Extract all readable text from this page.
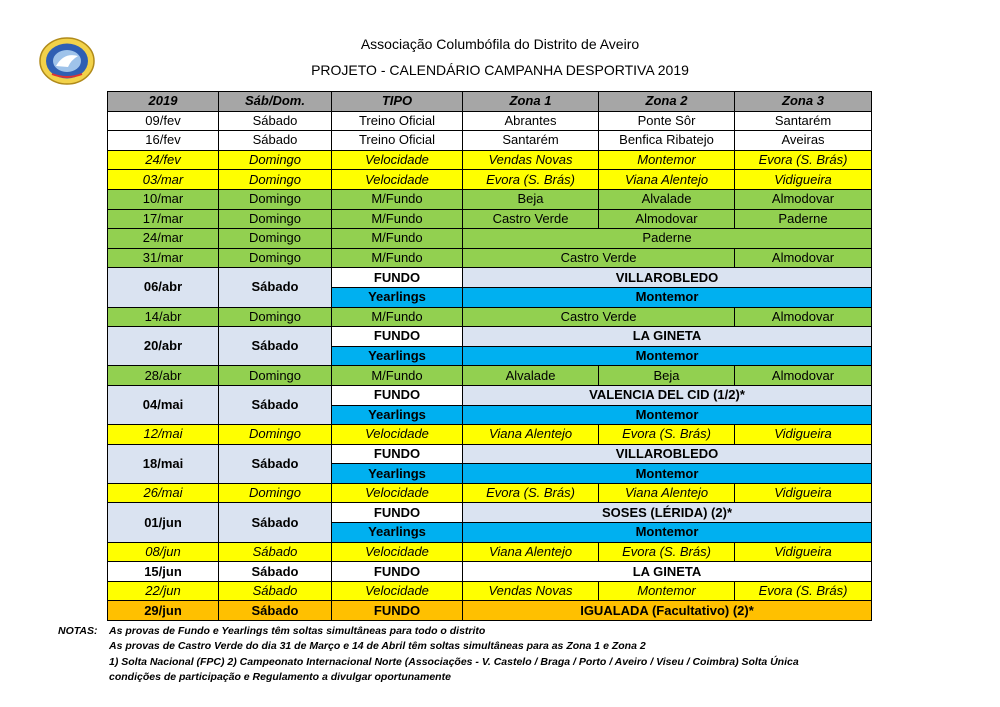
Associação Columbófila do Distrito de Aveiro
PROJETO - CALENDÁRIO CAMPANHA DESPORTIVA 2019
2019	Sáb/Dom.	TIPO	Zona 1	Zona 2	Zona 3
09/fev	Sábado	Treino Oficial	Abrantes	Ponte Sôr	Santarém
16/fev	Sábado	Treino Oficial	Santarém	Benfica Ribatejo	Aveiras
24/fev	Domingo	Velocidade	Vendas Novas	Montemor	Evora (S. Brás)
03/mar	Domingo	Velocidade	Evora (S. Brás)	Viana Alentejo	Vidigueira
10/mar	Domingo	M/Fundo	Beja	Alvalade	Almodovar
17/mar	Domingo	M/Fundo	Castro Verde	Almodovar	Paderne
24/mar	Domingo	M/Fundo	Paderne		
31/mar	Domingo	M/Fundo	Castro Verde		Almodovar
06/abr	Sábado	FUNDO	VILLAROBLEDO		
		Yearlings	Montemor		
14/abr	Domingo	M/Fundo	Castro Verde		Almodovar
20/abr	Sábado	FUNDO	LA GINETA		
		Yearlings	Montemor		
28/abr	Domingo	M/Fundo	Alvalade	Beja	Almodovar
04/mai	Sábado	FUNDO	VALENCIA DEL CID (1/2)*		
		Yearlings	Montemor		
12/mai	Domingo	Velocidade	Viana Alentejo	Evora (S. Brás)	Vidigueira
18/mai	Sábado	FUNDO	VILLAROBLEDO		
		Yearlings	Montemor		
26/mai	Domingo	Velocidade	Evora (S. Brás)	Viana Alentejo	Vidigueira
01/jun	Sábado	FUNDO	SOSES (LÉRIDA) (2)*		
		Yearlings	Montemor		
08/jun	Sábado	Velocidade	Viana Alentejo	Evora (S. Brás)	Vidigueira
15/jun	Sábado	FUNDO	LA GINETA		
22/jun	Sábado	Velocidade	Vendas Novas	Montemor	Evora (S. Brás)
29/jun	Sábado	FUNDO	IGUALADA (Facultativo) (2)*		
NOTAS: As provas de Fundo e Yearlings têm soltas simultâneas para todo o distrito
As provas de Castro Verde do dia 31 de Março e 14 de Abril têm soltas simultâneas para as Zona 1 e Zona 2
1) Solta Nacional (FPC) 2) Campeonato Internacional Norte (Associações - V. Castelo / Braga / Porto / Aveiro / Viseu / Coimbra) Solta Única
condições de participação e Regulamento a divulgar oportunamente
